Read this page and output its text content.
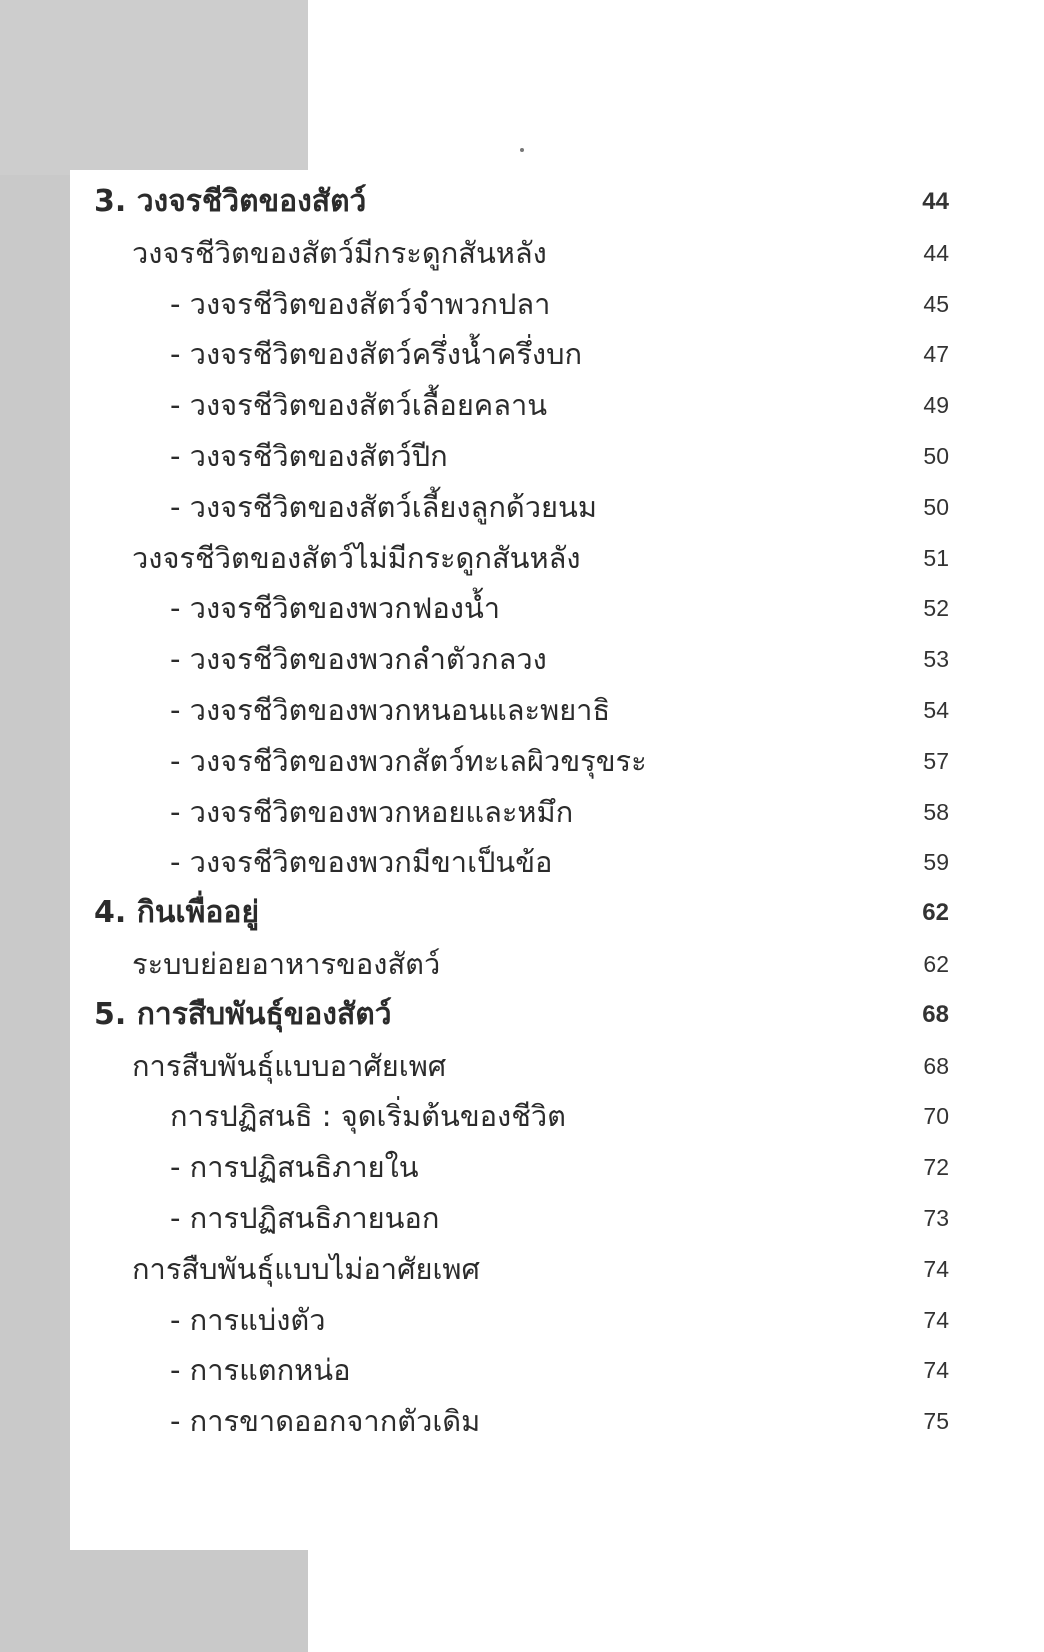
3. วงจรชีวิตของสัตว์	44
วงจรชีวิตของสัตว์มีกระดูกสันหลัง	44
- วงจรชีวิตของสัตว์จำพวกปลา	45
- วงจรชีวิตของสัตว์ครึ่งน้ำครึ่งบก	47
- วงจรชีวิตของสัตว์เลื้อยคลาน	49
- วงจรชีวิตของสัตว์ปีก	50
- วงจรชีวิตของสัตว์เลี้ยงลูกด้วยนม	50
วงจรชีวิตของสัตว์ไม่มีกระดูกสันหลัง	51
- วงจรชีวิตของพวกฟองน้ำ	52
- วงจรชีวิตของพวกลำตัวกลวง	53
- วงจรชีวิตของพวกหนอนและพยาธิ	54
- วงจรชีวิตของพวกสัตว์ทะเลผิวขรุขระ	57
- วงจรชีวิตของพวกหอยและหมึก	58
- วงจรชีวิตของพวกมีขาเป็นข้อ	59
4. กินเพื่ออยู่	62
ระบบย่อยอาหารของสัตว์	62
5. การสืบพันธุ์ของสัตว์	68
การสืบพันธุ์แบบอาศัยเพศ	68
การปฏิสนธิ : จุดเริ่มต้นของชีวิต	70
- การปฏิสนธิภายใน	72
- การปฏิสนธิภายนอก	73
การสืบพันธุ์แบบไม่อาศัยเพศ	74
- การแบ่งตัว	74
- การแตกหน่อ	74
- การขาดออกจากตัวเดิม	75
